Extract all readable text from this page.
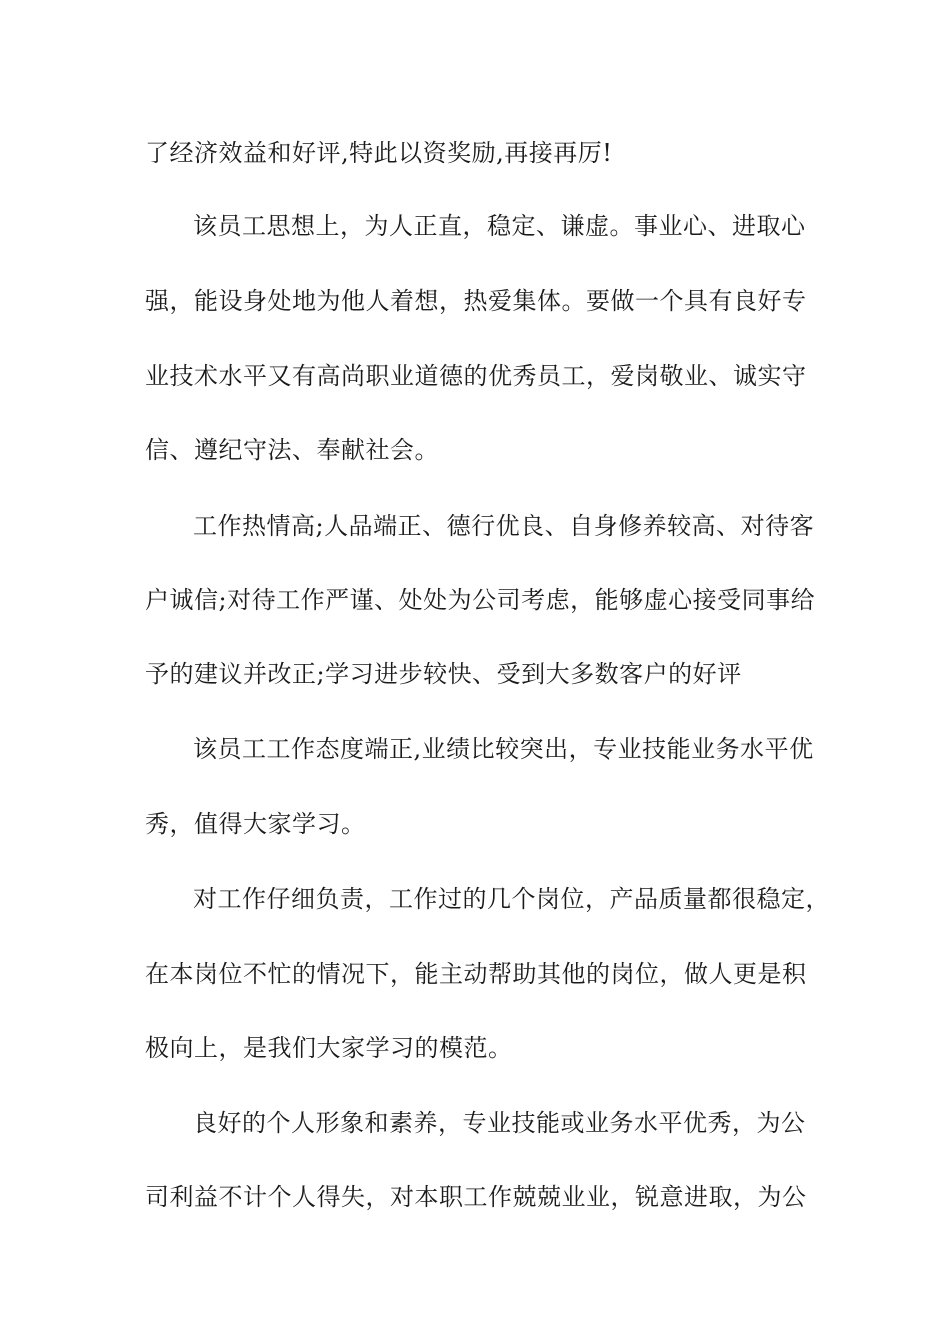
了经济效益和好评,特此以资奖励,再接再厉!
该员工思想上，为人正直，稳定、谦虚。事业心、进取心
强，能设身处地为他人着想，热爱集体。要做一个具有良好专
业技术水平又有高尚职业道德的优秀员工，爱岗敬业、诚实守
信、遵纪守法、奉献社会。
工作热情高;人品端正、德行优良、自身修养较高、对待客
户诚信;对待工作严谨、处处为公司考虑，能够虚心接受同事给
予的建议并改正;学习进步较快、受到大多数客户的好评
该员工工作态度端正,业绩比较突出，专业技能业务水平优
秀，值得大家学习。
对工作仔细负责，工作过的几个岗位，产品质量都很稳定，
在本岗位不忙的情况下，能主动帮助其他的岗位，做人更是积
极向上，是我们大家学习的模范。
良好的个人形象和素养，专业技能或业务水平优秀，为公
司利益不计个人得失，对本职工作兢兢业业，锐意进取，为公
